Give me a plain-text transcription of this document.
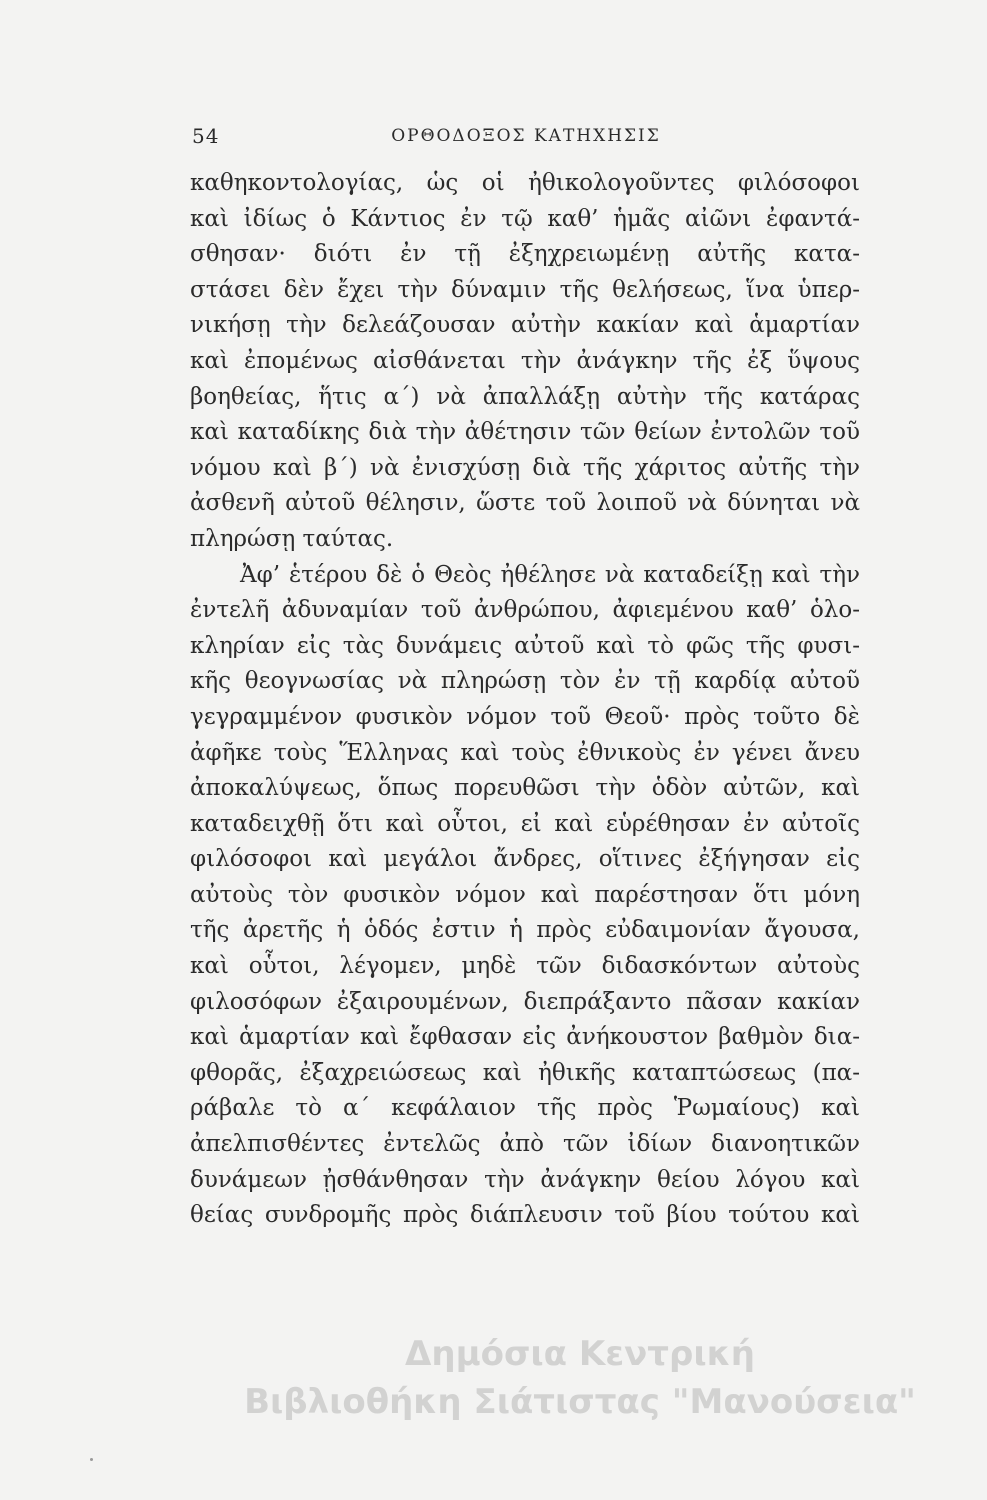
54	ΟΡΘΟΔΟΞΟΣ ΚΑΤΗΧΗΣΙΣ
καθηκοντολογίας, ὡς οἱ ἠθικολογοῦντες φιλόσοφοι
καὶ ἰδίως ὁ Κάντιος ἐν τῷ καθ’ ἡμᾶς αἰῶνι ἐφαντά-
σθησαν· διότι ἐν τῇ ἐξηχρειωμένῃ αὐτῆς κατα-
στάσει δὲν ἔχει τὴν δύναμιν τῆς θελήσεως, ἵνα ὑπερ-
νικήσῃ τὴν δελεάζουσαν αὐτὴν κακίαν καὶ ἁμαρτίαν
καὶ ἐπομένως αἰσθάνεται τὴν ἀνάγκην τῆς ἐξ ὕψους
βοηθείας, ἥτις α΄) νὰ ἀπαλλάξῃ αὐτὴν τῆς κατάρας
καὶ καταδίκης διὰ τὴν ἀθέτησιν τῶν θείων ἐντολῶν τοῦ
νόμου καὶ β΄) νὰ ἐνισχύσῃ διὰ τῆς χάριτος αὐτῆς τὴν
ἀσθενῆ αὐτοῦ θέλησιν, ὥστε τοῦ λοιποῦ νὰ δύνηται νὰ
πληρώσῃ ταύτας.
Ἀφ’ ἑτέρου δὲ ὁ Θεὸς ἠθέλησε νὰ καταδείξῃ καὶ τὴν
ἐντελῆ ἀδυναμίαν τοῦ ἀνθρώπου, ἀφιεμένου καθ’ ὁλο-
κληρίαν εἰς τὰς δυνάμεις αὐτοῦ καὶ τὸ φῶς τῆς φυσι-
κῆς θεογνωσίας νὰ πληρώσῃ τὸν ἐν τῇ καρδίᾳ αὐτοῦ
γεγραμμένον φυσικὸν νόμον τοῦ Θεοῦ· πρὸς τοῦτο δὲ
ἀφῆκε τοὺς Ἕλληνας καὶ τοὺς ἐθνικοὺς ἐν γένει ἄνευ
ἀποκαλύψεως, ὅπως πορευθῶσι τὴν ὁδὸν αὐτῶν, καὶ
καταδειχθῇ ὅτι καὶ οὗτοι, εἰ καὶ εὑρέθησαν ἐν αὐτοῖς
φιλόσοφοι καὶ μεγάλοι ἄνδρες, οἵτινες ἐξήγησαν εἰς
αὐτοὺς τὸν φυσικὸν νόμον καὶ παρέστησαν ὅτι μόνη
τῆς ἀρετῆς ἡ ὁδός ἐστιν ἡ πρὸς εὐδαιμονίαν ἄγουσα,
καὶ οὗτοι, λέγομεν, μηδὲ τῶν διδασκόντων αὐτοὺς
φιλοσόφων ἐξαιρουμένων, διεπράξαντο πᾶσαν κακίαν
καὶ ἁμαρτίαν καὶ ἔφθασαν εἰς ἀνήκουστον βαθμὸν δια-
φθορᾶς, ἐξαχρειώσεως καὶ ἠθικῆς καταπτώσεως (πα-
ράβαλε τὸ α΄ κεφάλαιον τῆς πρὸς Ῥωμαίους) καὶ
ἀπελπισθέντες ἐντελῶς ἀπὸ τῶν ἰδίων διανοητικῶν
δυνάμεων ᾐσθάνθησαν τὴν ἀνάγκην θείου λόγου καὶ
θείας συνδρομῆς πρὸς διάπλευσιν τοῦ βίου τούτου καὶ
Δημόσια Κεντρική
Βιβλιοθήκη Σιάτιστας "Μανούσεια"
